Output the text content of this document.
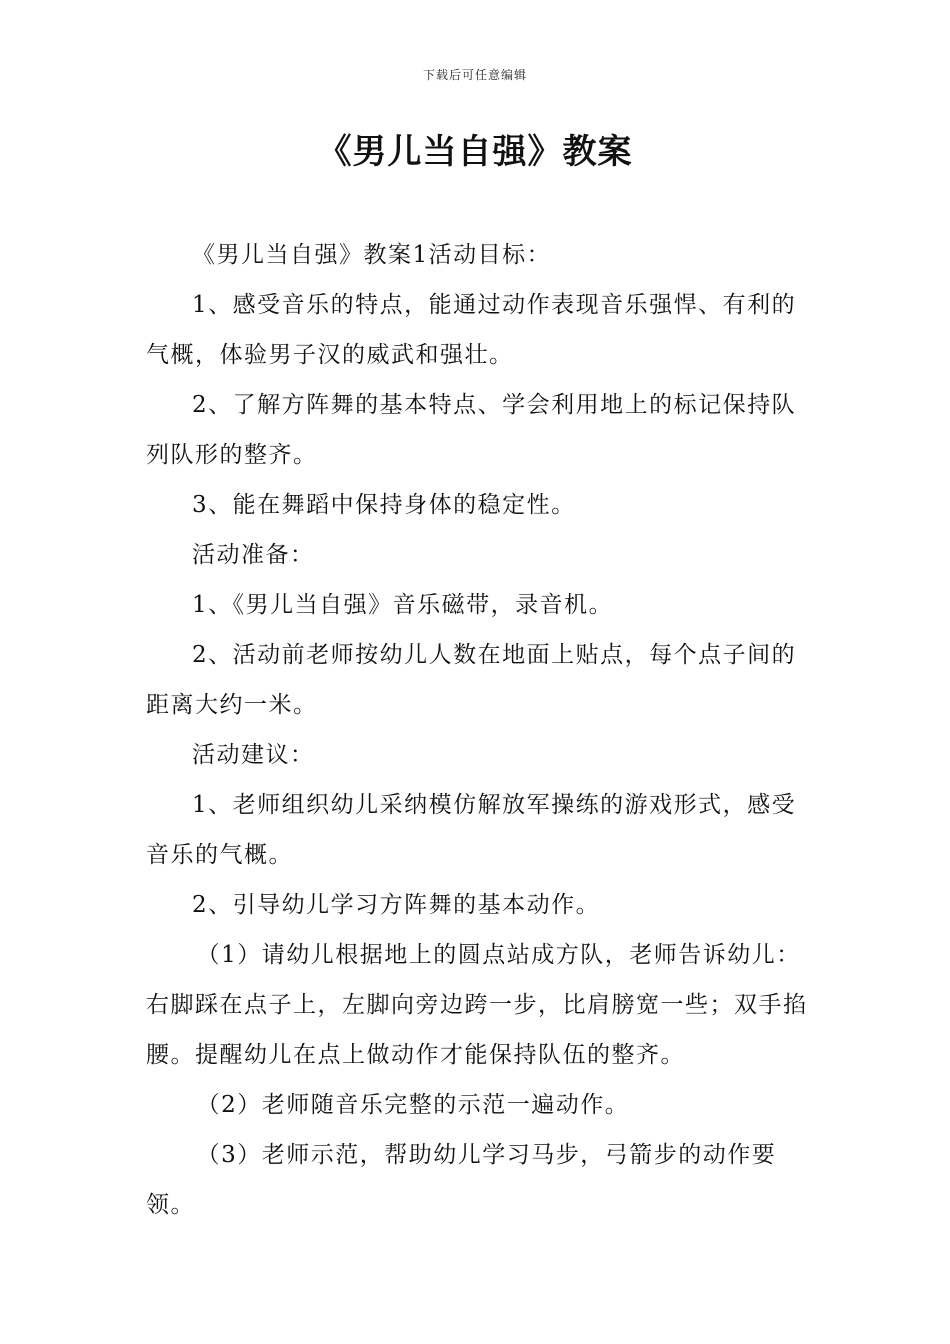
下载后可任意编辑
《男儿当自强》教案

《男儿当自强》教案1活动目标：

1、感受音乐的特点，能通过动作表现音乐强悍、有利的气概，体验男子汉的威武和强壮。

2、了解方阵舞的基本特点、学会利用地上的标记保持队列队形的整齐。

3、能在舞蹈中保持身体的稳定性。

活动准备：

1、《男儿当自强》音乐磁带，录音机。

2、活动前老师按幼儿人数在地面上贴点，每个点子间的距离大约一米。

活动建议：

1、老师组织幼儿采纳模仿解放军操练的游戏形式，感受音乐的气概。

2、引导幼儿学习方阵舞的基本动作。

（1）请幼儿根据地上的圆点站成方队，老师告诉幼儿：右脚踩在点子上，左脚向旁边跨一步，比肩膀宽一些；双手掐腰。提醒幼儿在点上做动作才能保持队伍的整齐。

（2）老师随音乐完整的示范一遍动作。

（3）老师示范，帮助幼儿学习马步，弓箭步的动作要领。
